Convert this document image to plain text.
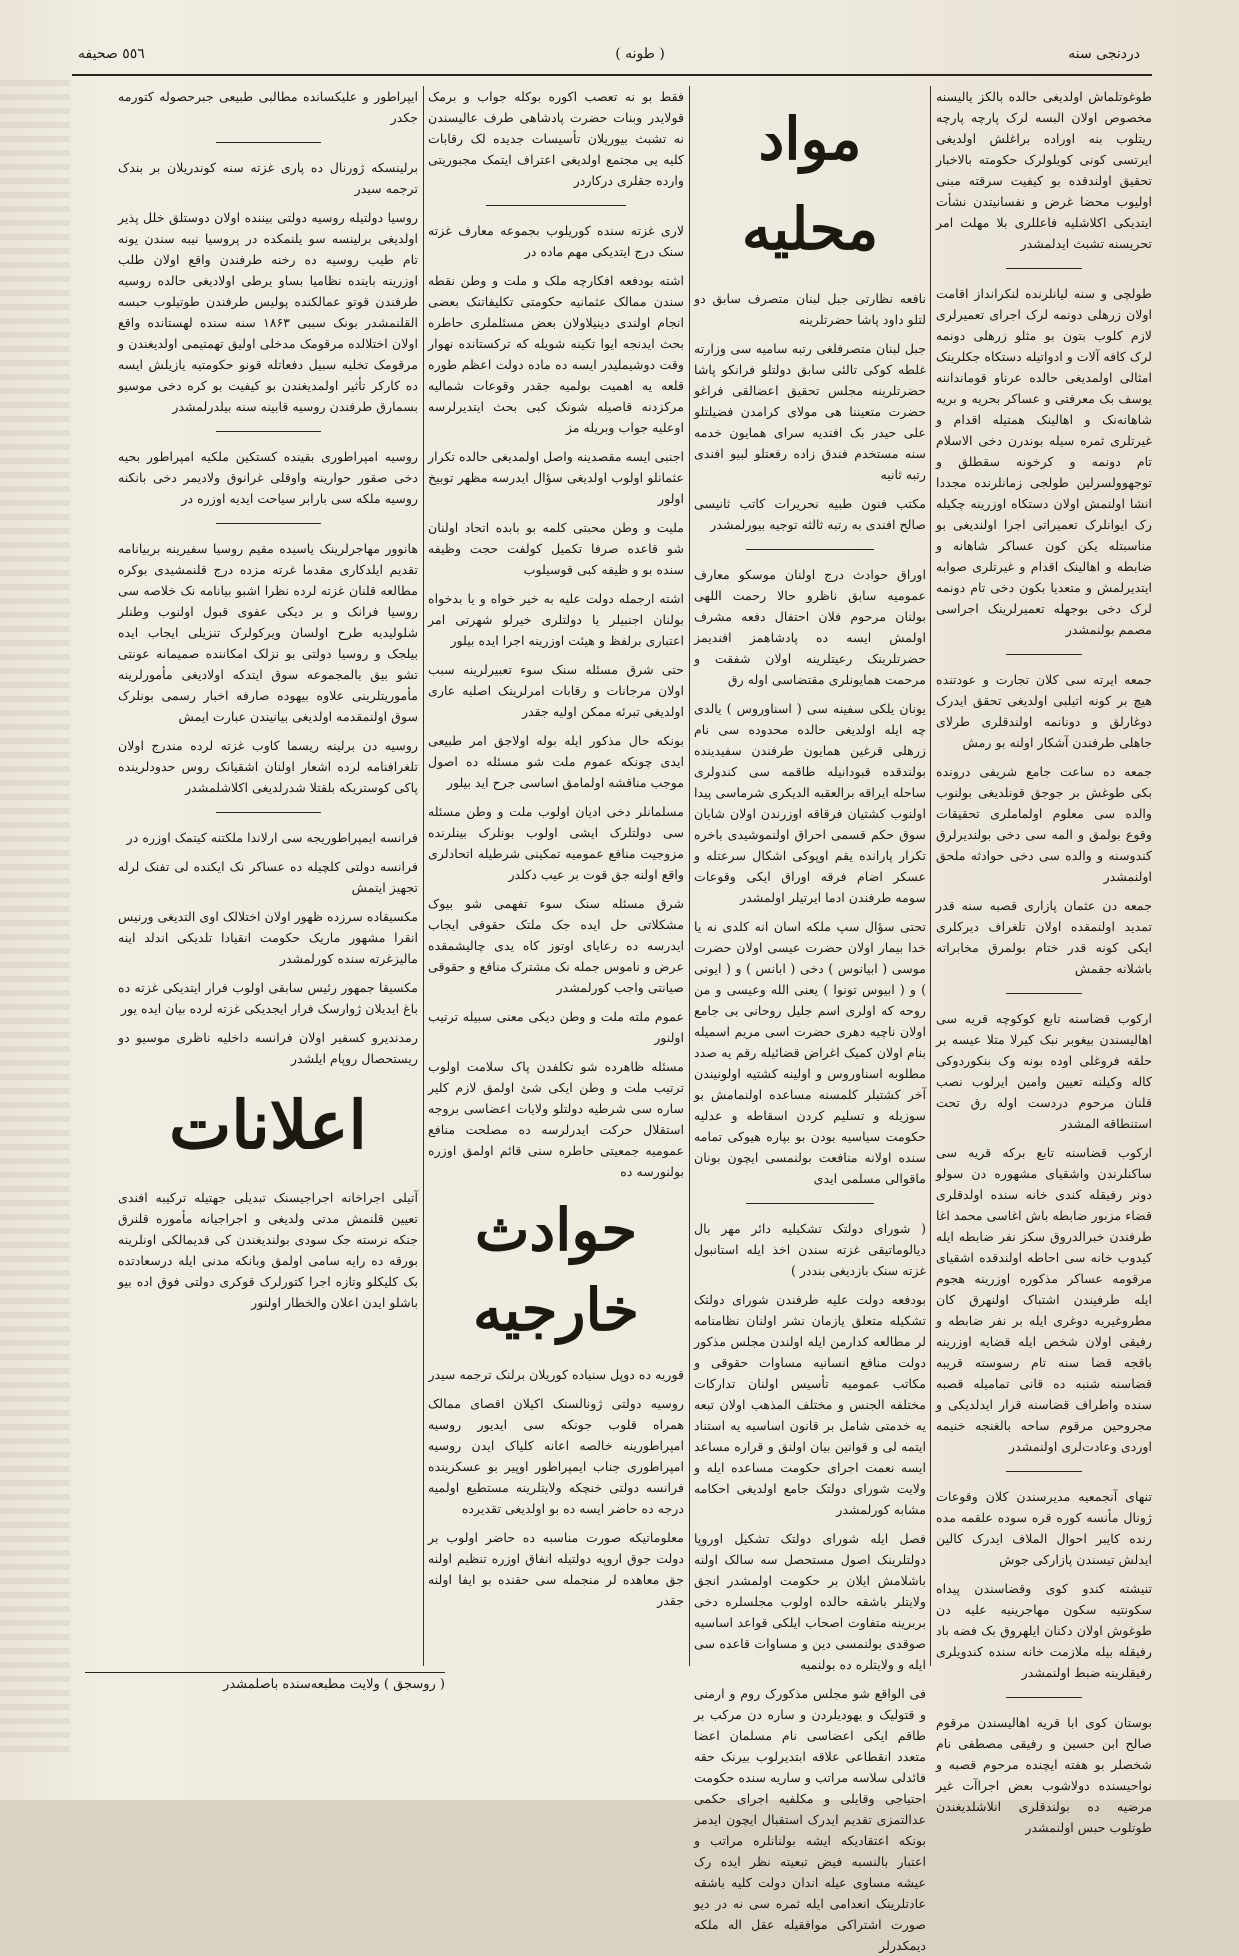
٥٥٦ صحيفه	( طونه )	دردنجی سنه

طوغوتلماش اولدیغی حالده بالکز یالیسنه مخصوص اولان البسه لرک پارچه پارچه ریتلوب بنه اوراده براغلش اولدیغی ایرتسی کونی کویلولرک حکومته بالاخبار تحقیق اولندقده بو کیفیت سرقته مبنی اولیوب محضا غرض و نفسانیتدن نشأت ایتدیکی اکلاشلیه فاعللری بلا مهلت امر تحریسنه تشبث ایدلمشدر

طولچی و سنه لیانلرنده لنکرانداز اقامت اولان زرهلی دونمه لرک اجرای تعمیرلری لازم کلوب بتون بو مثلو زرهلی دونمه لرک کافه آلات و ادواتیله دستکاه جکلرینک امثالی اولمدیغی حالده عرناو قومانداننه یوسف بک معرفتی و عساکر بحریه و بریه شاهانه‌نک و اهالینک همتیله اقدام و غیرتلری ثمره سیله بوندرن دخی الاسلام تام دونمه و کرخونه سقطلق و توجهوولسرلین طولجی زمانلرنده مجددا انشا اولنمش اولان دستکاه اوزرینه چکیله رک ایوانلرک تعمیراتی اجرا اولندیغی بو مناسبتله یکن کون عساکر شاهانه و ضابطه و اهالینک اقدام و غیرتلری صوابه ایتدیرلمش و متعدیا بکون دخی تام دونمه لرک دخی بوجهله تعمیرلرینک اجراسی مصمم بولنمشدر

جمعه ایرته سی کلان تجارت و عودتنده هیچ بر کونه اتیلبی اولدیغی تحقق ایدرک دوغارلق و دونانمه اولندقلری طرلای جاهلی طرفندن آشکار اولنه بو رمش

جمعه ده ساعت جامع شریفی درونده بکی طوغش بر جوجق قونلدیغی بولنوب والده سی معلوم اولماملری تحقیقات وقوع بولمق و المه سی دخی بولندیرلرق کندوسنه و والده سی دخی حوادثه ملحق اولنمشدر

جمعه دن عثمان پازاری قصبه سنه قدر تمدید اولنمقده اولان تلغراف دیرکلری ایکی کونه قدر ختام بولمرق مخابراته باشلانه جقمش

ارکوب قضاسنه تابع کوکوچه قریه سی اهالیسندن بیغوبر نبک کیرلا متلا عیسه بر حلقه فروغلی اوده بونه وک بنکوردوکی کاله وکیلنه تعیین وامین ایرلوب نصب قلنان مرحوم دردست اوله رق تحت استنطاقه المشدر

ارکوب قضاسنه تابع برکه قریه سی ساکنلرندن واشقیای مشهوره دن سولو دونر رفیقله کندی خانه سنده اولدقلری قضاء مزبور ضابطه باش اغاسی محمد اغا طرفندن خبرالدروق سکز نفر ضابطه ایله کیدوب خانه سی احاطه اولندقده اشقیای مرقومه عساکر مذکوره اوزرینه هجوم ایله طرفیندن اشتباک اولنهرق کان مطروغیریه دوغری ایله بر نفر ضابطه و رفیقی اولان شخص ایله قضایه اوزرینه باقجه قضا سنه تام رسوسته قریبه قضاسنه شنبه ده قانی تمامیله قصبه سنده واطراف قضاسنه قرار ایدلدیکی و مجروحین مرقوم ساحه بالغنجه خنیمه اوردی وعادت‌لری اولنمشدر

تنهای آنجمعیه مدیرسندن کلان وقوعات ژونال مأنسه کوره قره سوده علقمه مده رنده کایبر احوال الملاف ایدرک کالین ایدلش تیسندن پازارکی جوش

تنیشته کندو کوی وقضاسندن پیداه سکونتیه سکون مهاجرینیه علیه دن طوغوش اولان دکنان ایلهروق بک فضه باد رفیقله بیله ملازمت خانه سنده کندویلری رفیقلرینه ضبط اولنمشدر

بوستان کوی ابا قریه اهالیسندن مرقوم صالح ابن حسین و رفیقی مصطفی نام شخصلر بو هفته ایچنده مرحوم قصبه و نواحیسنده دولاشوب بعض اجراآت غیر مرضیه ده بولندقلری انلاشلدیغندن طوتلوب حبس اولنمشدر

مواد محلیه

نافعه نظارتی جبل لبنان متصرف سابق دو لتلو داود پاشا حضرتلرینه

جبل لبنان متصرفلغی رتبه سامیه سی وزارته غلطه کوکی تالئی سابق دولتلو فرانکو پاشا حضرتلرینه مجلس تحقیق اعضالقی فراغو حضرت متعیننا هی مولای کرامدن فضیلتلو علی حیدر بک افندیه سرای همایون خدمه سنه مستخدم فندق زاده رفعتلو لبیو افندی رتبه ثانیه

مکتب فنون طبیه نحریرات کاتب ثانیسی صالح افندی به رتبه ثالثه توجیه بیورلمشدر

اوراق حوادث درج اولنان موسکو معارف عمومیه سابق ناظرو حالا رحمت اللهی بولنان مرحوم فلان احتفال دفعه مشرف اولمش ایسه ده پادشاهمز افندیمز حضرتلرینک رعیتلرینه اولان شفقت و مرحمت همایونلری مقتضاسی اوله رق

یونان یلکی سفینه سی ( اسناوروس ) یالدی چه ایله اولدیغی حالده محدوده سی نام زرهلی قرغین همایون طرفندن سفیدینده بولندقده قبودانیله طاقمه سی کندولری ساحله ایراقه برالعقبه الدیکری شرماسی پیدا اولنوب کشتیان فرقاقه اوزرندن اولان شایان سوق حکم قسمی احراق اولنموشیدی باخره تکرار پارانده یقم اوپوکی اشکال سرعتله و عسکر اضام فرقه اوراق ایکی وقوعات سومه طرفندن ادما ایرتیلر اولمشدر

تحتی سؤال سپ ملکه اسان انه کلدی نه یا خدا بیمار اولان حضرت عیسی اولان حضرت موسی ( ابیانوس ) دخی ( ابانس ) و ( ایونی ) و ( ابیوس تونوا ) یعنی الله وعیسی و من روحه که اولری اسم جلیل روحانی بی جامع اولان ناچیه دهری حضرت اسی مریم اسمیله بنام اولان کمیک اغراض قضائیله رقم یه صدد مطلوبه اسناوروس و اولینه کشتیه اولونیندن آخر کشتیلر کلمسنه مساعده اولنمامش بو سوزیله و تسلیم کردن اسقاطه و عدلیه حکومت سیاسیه بودن بو بپاره هیوکی تمامه سنده اولانه منافعت بولنمسی ایچون بونان ماقوالی مسلمی ایدی

( شورای دولتک تشکیلیه دائر مهر بال دیالوماتیقی غزته سندن اخذ ایله استانبول غزته سنک بازدیغی بنددر )

بودفعه دولت علیه طرفندن شورای دولتک تشکیله متعلق یازمان نشر اولنان نظامنامه لر مطالعه کدارمن ایله اولندن مجلس مذکور دولت منافع انسانیه مساوات حقوقی و مکاتب عمومیه تأسیس اولنان تدارکات مختلفه الجنس و مختلف المذهب اولان تبعه یه خدمتی شامل بر قانون اساسیه یه استناد ایتمه لی و قوانین بیان اولنق و قراره مساعد ایسه نعمت اجرای حکومت مساعده ایله و ولایت شورای دولتک جامع اولدیغی احکامه مشابه کورلمشدر

فصل ایله شورای دولتک تشکیل اوروپا دولتلرینک اصول مستحصل سه سالک اولنه باشلامش ایلان بر حکومت اولمشدر انجق ولایتلر باشقه حالده اولوب مجلسلره دخی بربرینه متفاوت اصحاب ایلکی قواعد اساسیه صوقدی بولنمسی دین و مساوات قاعده سی ایله و ولایتلره ده بولنمیه

فی الواقع شو مجلس مذکورک روم و ارمنی و قتولیک و یهودیلردن و ساره دن مرکب بر طاقم ایکی اعضاسی نام مسلمان اعضا متعدد انقطاعی علاقه ابتدیرلوب بیرنک حقه فائدلی سلاسه مراتب و ساریه سنده حکومت احتیاجی وقایلی و مکلفیه اجرای حکمی عدالتمزی تقدیم ایدرک استقبال ایچون ایدمز بونکه اعتقادیکه ایشه بولنانلره مراتب و اعتبار بالنسبه فیض تبعیته نظر ایده رک عیشه مساوی عیله اندان دولت کلیه باشقه عادتلرینک انعدامی ایله ثمره سی نه در دیو صورت اشتراکی موافقیله عقل اله ملکه دیمکدرلر

فقط بو نه تعصب اکوره بوکله جواب و برمک قولایدر وبنات حضرت پادشاهی طرف عالیسندن نه تشبث بیوریلان تأسیسات جدیده لک رقابات کلیه یی مجتمع اولدیغی اعتراف ایتمک مجبوریتی وارده جقلری درکاردر

لاری غزته سنده کوریلوب بجموعه معارف غزته سنک درج ایتدیکی مهم ماده در

اشته بودفعه افکارچه ملک و ملت و وطن نقطه سندن ممالک عثمانیه حکومتی تکلیفاتنک بعضی انجام اولندی دینیلاولان بعض مسئلملری حاطره بحث ایدنجه ایوا تکینه شویله که ترکستانده نهوار وقت دوشیملیدر ایسه ده ماده دولت اعظم طوره قلعه یه اهمیت بولمیه جقدر وقوعات شمالیه مرکزدنه قاصیله شونک کبی بحث ایتدیرلرسه اوعلیه جواب وبریله مز

اجنبی ایسه مقصدینه واصل اولمدیغی حالده تکرار عثمانلو اولوب اولدیغی سؤال ایدرسه مظهر توبیخ اولور

ملیت و وطن محبتی کلمه بو بابده اتحاد اولنان شو قاعده صرفا تکمیل کولفت حجت وظیفه سنده بو و ظیفه کبی قوسیلوب

اشته ارجمله دولت علیه به خیر خواه و یا بدخواه بولنان اجنبیلر یا دولتلری خیرلو شهرتی امر اعتباری برلفظ و هیئت اوزرینه اجرا ایده بیلور

حتی شرق مسئله سنک سوء تعبیرلرینه سبب اولان مرجانات و رقابات امرلرینک اصلیه عاری اولدیغی تبرئه ممکن اولیه جقدر

بونکه حال مذکور ایله بوله اولاجق امر طبیعی ایدی چونکه عموم ملت شو مسئله ده اصول موجب مناقشه اولمامق اساسی جرح اید بیلور

مسلمانلر دخی ادیان اولوب ملت و وطن مسئله سی دولتلرک ایشی اولوب بونلرک بینلرنده مزوجیت منافع عمومیه تمکینی شرطیله اتحادلری واقع اولنه جق قوت بر عیب دکلدر

شرق مسئله سنک سوء تفهمی شو بیوک مشکلاتی حل ایده جک ملتک حقوقی ایجاب ایدرسه ده رعایای اوتوز کاه یدی چالیشمقده عرض و ناموس جمله نک مشترک منافع و حقوقی صیانتی واجب کورلمشدر

عموم ملته ملت و وطن دیکی معنی سبیله ترتیب اولنور

مسئله ظاهرده شو تکلفدن پاک سلامت اولوب ترتیب ملت و وطن ایکی شئ اولمق لازم کلیر ساره سی شرطیه دولتلو ولایات اعضاسی بروجه استقلال حرکت ایدرلرسه ده مصلحت منافع عمومیه جمعیتی حاطره سنی قائم اولمق اوزره بولنورسه ده

حوادث خارجیه

قوریه ده دوپل سنیاده کوریلان برلنک ترجمه سیدر

روسیه دولتی ژونالسنک اکیلان اقصای ممالک همراه قلوب جونکه سی ایدیور روسیه امپراطورینه خالصه اعانه کلیاک ایدن روسیه امپراطوری جناب ایمپراطور اوپیر بو عسکرینده فرانسه دولتی خنچکه ولایتلرینه مستطیع اولمیه درجه ده حاضر ایسه ده بو اولدیغی تقدیرده

معلوماتیکه صورت مناسبه ده حاضر اولوب بر دولت جوق اروپه دولتیله انفاق اوزره تنظیم اولنه جق معاهده لر منجمله سی حقنده بو ایفا اولنه جقدر

ایپراطور و علیکسانده مطالبی طبیعی جبرحصوله کتورمه جکدر

برلینسکه ژورنال ده پاری غزته سنه کوندریلان بر بندک ترجمه سیدر

روسیا دولتیله روسیه دولتی بیننده اولان دوستلق خلل پذیر اولدیغی برلینسه سو یلنمکده در پروسیا نیبه سندن یونه تام طیب روسیه ده رخنه طرفندن واقع اولان طلب اوزرینه باینده نظامیا بساو یرطی اولادیغی حالده روسیه طرفندن قوتو عمالکنده پولیس طرفندن طوتیلوب حبسه القلنمشدر بونک سببی ۱۸۶۳ سنه سنده لهستانده واقع اولان اختلالده مرقومک مدخلی اولیق تهمتیمی اولدیغندن و مرقومک تخلیه سبیل دفعاتله قونو حکومتیه یازیلش ایسه ده کارکر تأثیر اولمدیغندن بو کیفیت بو کره دخی موسیو بسمارق طرفندن روسیه قابینه سنه بیلدرلمشدر

روسیه امپراطوری بقینده کستکین ملکیه امپراطور بحیه دخی صقور حوارینه واوقلی غرانوق ولادیمر دخی بانکنه روسیه ملکه سی بارابر سیاحت ایدیه اوزره در

هانوور مهاجرلرینک یاسیده مقیم روسیا سفیرینه بربیانامه تقدیم ایلدکاری مقدما غرته مزده درج قلنمشیدی بوکره مطالعه قلنان غزته لرده نظرا اشبو بیانامه نک خلاصه سی روسیا فرانک و بر دیکی عفوی قبول اولنوب وطنلر شلولیدیه طرح اولسان ویرکولرک تنزیلی ایجاب ایده بیلجک و روسیا دولتی بو نزلک امکاننده صمیمانه عونتی تشو بیق بالمجموعه سوق ایتدکه اولادیغی مأمورلرینه مأموریتلرینی علاوه بیهوده صارفه اخبار رسمی بونلرک سوق اولنمقدمه اولدیغی بیانیندن عبارت ایمش

روسیه دن برلینه ریسما کاوب غزته لرده مندرج اولان تلغرافنامه لرده اشعار اولنان اشقیانک روس حدودلرینده پاکی کوستریکه بلقتلا شدرلدیغی اکلاشلمشدر

فرانسه ایمپراطوریجه سی ارلاندا ملکتنه کیتمک اوزره در

فرانسه دولتی کلچیله ده عساکر نک ایکنده لی تفنک لرله تجهیز ایتمش

مکسیقاده سرزده ظهور اولان اختلالک اوی التدیغی ورنیس انقرا مشهور ماریک حکومت انقیادا تلدیکی اندلد اینه مالیزغرته سنده کورلمشدر

مکسیقا جمهور رئیس سابقی اولوب فرار ایتدیکی غزته ده باغ ایدیلان ژوارسک فرار ایجدیکی غزته لرده بیان ایده یور

رمدندیرو کسفیر اولان فرانسه داخلیه ناظری موسیو دو ریستحصال روپام ایلشدر

اعلانات

آتیلی اجراخانه اجراجیسنک تبدیلی جهتیله ترکیبه افندی تعیین قلنمش مدتی ولدیغی و اجراجیانه مأموره قلنرق جنکه نرسته جک سودی بولندیغندن کی قدیمالکی اونلرینه بورقه ده رایه سامی اولمق وبانکه مدنی ایله درسعادتده بک کلیکلو وتازه اجرا کتورلرک قوکری دولتی فوق اده بیو باشلو ایدن اعلان والخطار اولنور

( روسجق ) ولایت مطبعه‌سنده باصلمشدر
